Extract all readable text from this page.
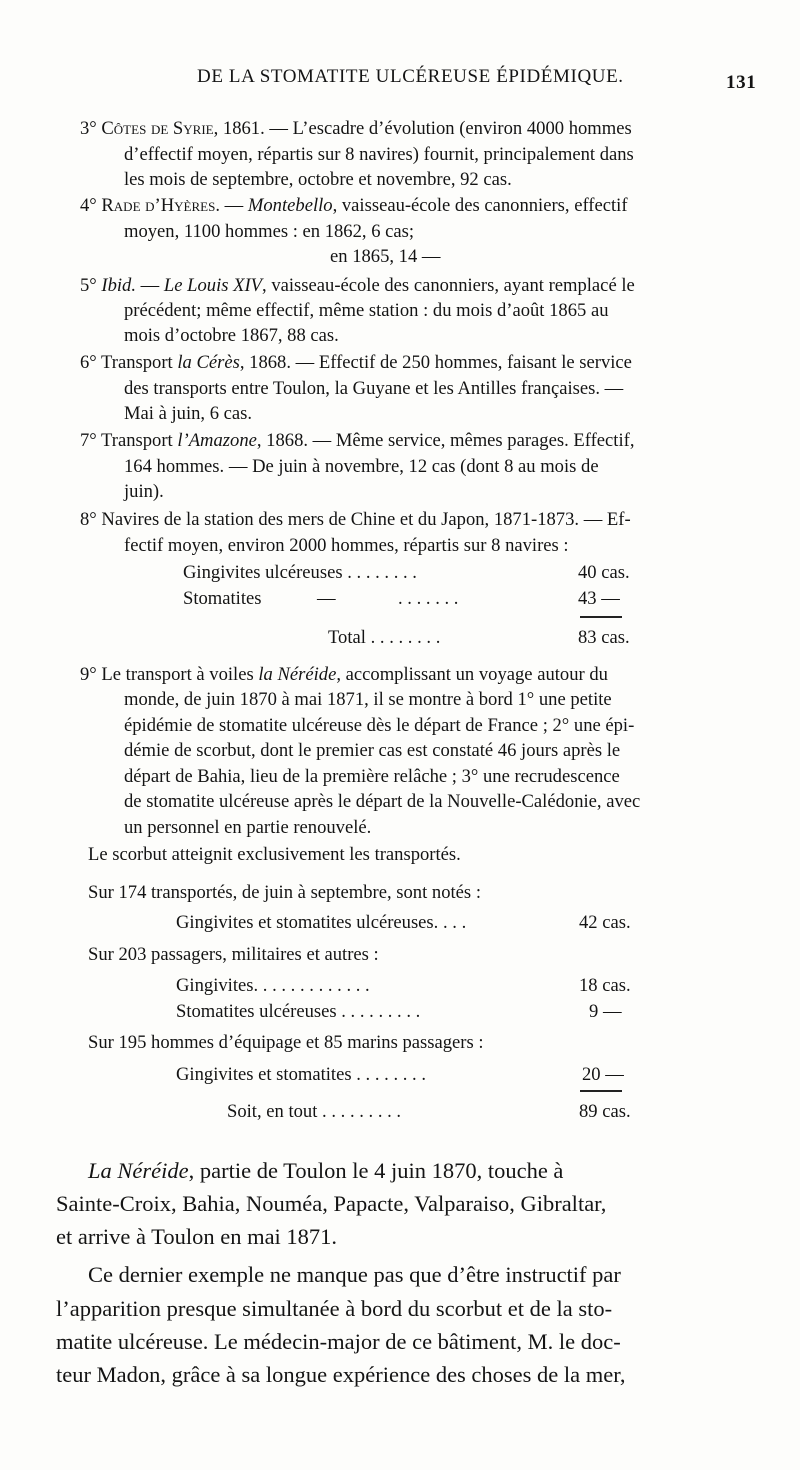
DE LA STOMATITE ULCÉREUSE ÉPIDÉMIQUE.	131
3° Côtes de Syrie, 1861. — L’escadre d’évolution (environ 4000 hommes
d’effectif moyen, répartis sur 8 navires) fournit, principalement dans
les mois de septembre, octobre et novembre, 92 cas.
4° Rade d’Hyères. — Montebello, vaisseau-école des canonniers, effectif
moyen, 1100 hommes : en 1862, 6 cas;
en 1865, 14 —
5° Ibid. — Le Louis XIV, vaisseau-école des canonniers, ayant remplacé le
précédent; même effectif, même station : du mois d’août 1865 au
mois d’octobre 1867, 88 cas.
6° Transport la Cérès, 1868. — Effectif de 250 hommes, faisant le service
des transports entre Toulon, la Guyane et les Antilles françaises. —
Mai à juin, 6 cas.
7° Transport l’Amazone, 1868. — Même service, mêmes parages. Effectif,
164 hommes. — De juin à novembre, 12 cas (dont 8 au mois de
juin).
8° Navires de la station des mers de Chine et du Japon, 1871-1873. — Ef-
fectif moyen, environ 2000 hommes, répartis sur 8 navires :
Gingivites ulcéreuses . . . . . . . .	40 cas.
Stomatites	—	. . . . . . .	43 —
Total . . . . . . . .	83 cas.
9° Le transport à voiles la Néréide, accomplissant un voyage autour du
monde, de juin 1870 à mai 1871, il se montre à bord 1° une petite
épidémie de stomatite ulcéreuse dès le départ de France ; 2° une épi-
démie de scorbut, dont le premier cas est constaté 46 jours après le
départ de Bahia, lieu de la première relâche ; 3° une recrudescence
de stomatite ulcéreuse après le départ de la Nouvelle-Calédonie, avec
un personnel en partie renouvelé.
Le scorbut atteignit exclusivement les transportés.
Sur 174 transportés, de juin à septembre, sont notés :
Gingivites et stomatites ulcéreuses. . . .	42 cas.
Sur 203 passagers, militaires et autres :
Gingivites. . . . . . . . . . . . .	18 cas.
Stomatites ulcéreuses . . . . . . . . .	9 —
Sur 195 hommes d’équipage et 85 marins passagers :
Gingivites et stomatites . . . . . . . .	20 —
Soit, en tout . . . . . . . . .	89 cas.
La Néréide, partie de Toulon le 4 juin 1870, touche à
Sainte-Croix, Bahia, Nouméa, Papacte, Valparaiso, Gibraltar,
et arrive à Toulon en mai 1871.
Ce dernier exemple ne manque pas que d’être instructif par
l’apparition presque simultanée à bord du scorbut et de la sto-
matite ulcéreuse. Le médecin-major de ce bâtiment, M. le doc-
teur Madon, grâce à sa longue expérience des choses de la mer,
